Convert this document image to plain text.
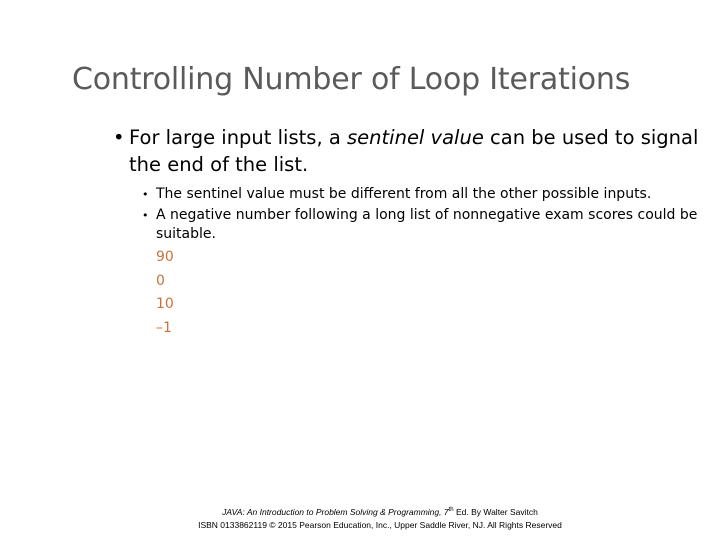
Controlling Number of Loop Iterations

• For large input lists, a sentinel value can be used to signal the end of the list.

• The sentinel value must be different from all the other possible inputs.
• A negative number following a long list of nonnegative exam scores could be suitable.
90
0
10
–1
JAVA: An Introduction to Problem Solving & Programming, 7th Ed. By Walter Savitch
ISBN 0133862119 © 2015 Pearson Education, Inc., Upper Saddle River, NJ. All Rights Reserved
